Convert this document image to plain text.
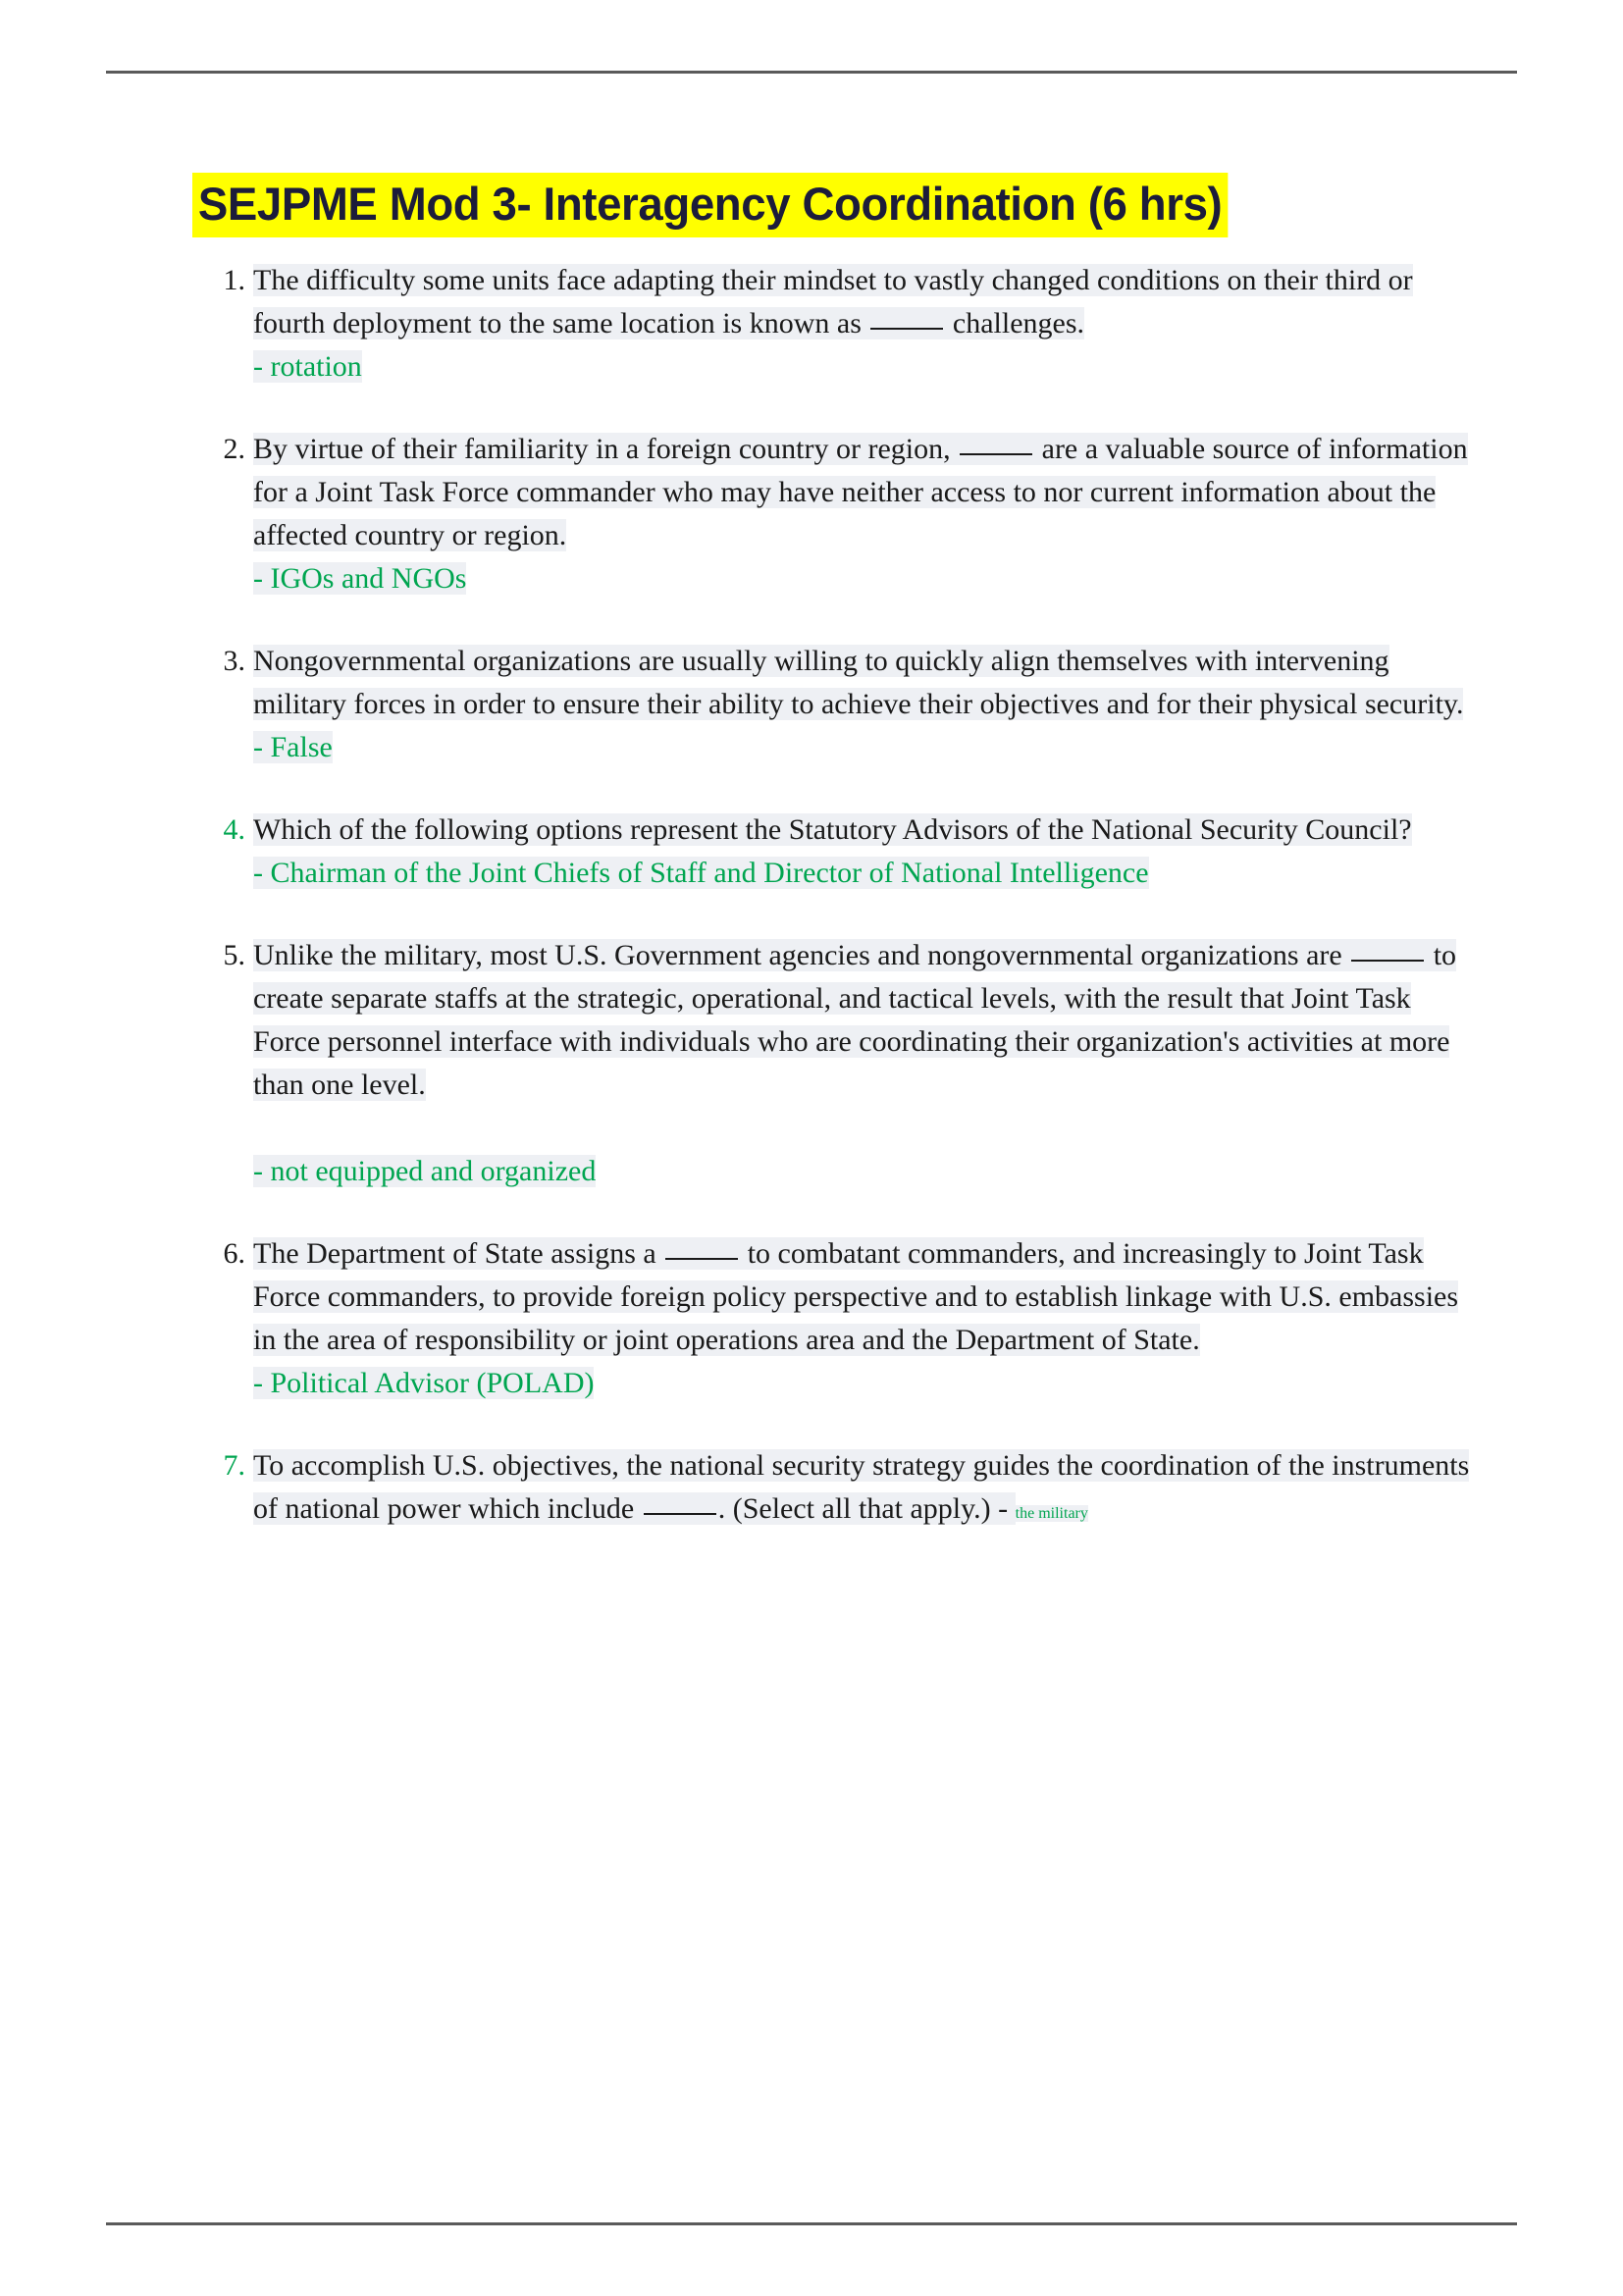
SEJPME Mod 3- Interagency Coordination (6 hrs)
1. The difficulty some units face adapting their mindset to vastly changed conditions on their third or fourth deployment to the same location is known as	challenges.
- rotation
2. By virtue of their familiarity in a foreign country or region,	are a valuable source of information for a Joint Task Force commander who may have neither access to nor current information about the affected country or region.
- IGOs and NGOs
3. Nongovernmental organizations are usually willing to quickly align themselves with intervening military forces in order to ensure their ability to achieve their objectives and for their physical security.
- False
4. Which of the following options represent the Statutory Advisors of the National Security Council?
- Chairman of the Joint Chiefs of Staff and Director of National Intelligence
5. Unlike the military, most U.S. Government agencies and nongovernmental organizations are	to create separate staffs at the strategic, operational, and tactical levels, with the result that Joint Task Force personnel interface with individuals who are coordinating their organization's activities at more than one level.
- not equipped and organized
6. The Department of State assigns a	to combatant commanders, and increasingly to Joint Task Force commanders, to provide foreign policy perspective and to establish linkage with U.S. embassies in the area of responsibility or joint operations area and the Department of State.
- Political Advisor (POLAD)
7. To accomplish U.S. objectives, the national security strategy guides the coordination of the instruments of national power which include	. (Select all that apply.) - the military
